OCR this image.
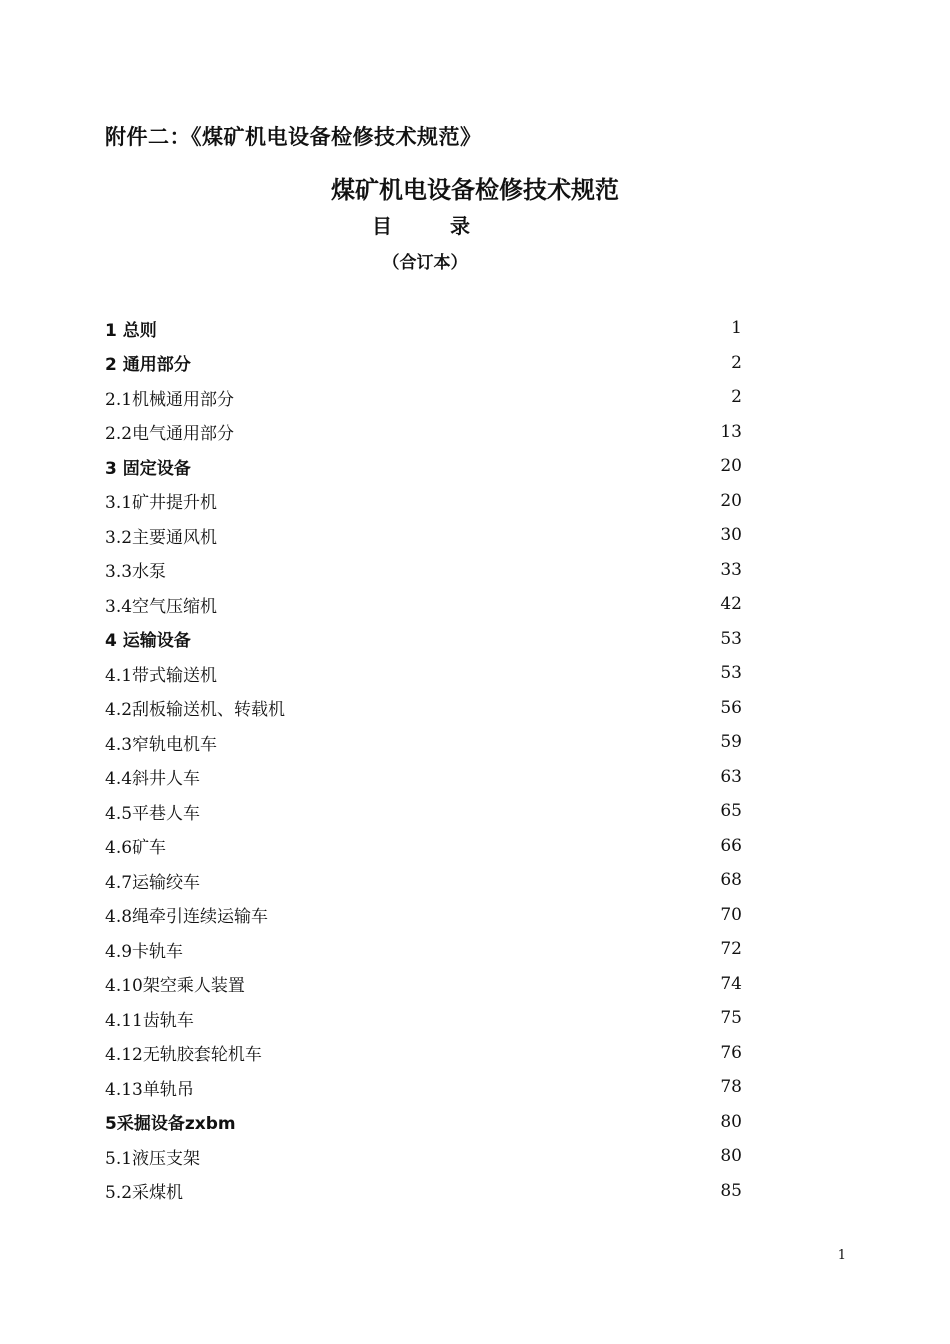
附件二：《煤矿机电设备检修技术规范》
煤矿机电设备检修技术规范
目	录
（合订本）
1 总则	1
2 通用部分	2
2.1机械通用部分	2
2.2电气通用部分	13
3 固定设备	20
3.1矿井提升机	20
3.2主要通风机	30
3.3水泵	33
3.4空气压缩机	42
4 运输设备	53
4.1带式输送机	53
4.2刮板输送机、转载机	56
4.3窄轨电机车	59
4.4斜井人车	63
4.5平巷人车	65
4.6矿车	66
4.7运输绞车	68
4.8绳牵引连续运输车	70
4.9卡轨车	72
4.10架空乘人装置	74
4.11齿轨车	75
4.12无轨胶套轮机车	76
4.13单轨吊	78
5采掘设备zxbm	80
5.1液压支架	80
5.2采煤机	85
1
